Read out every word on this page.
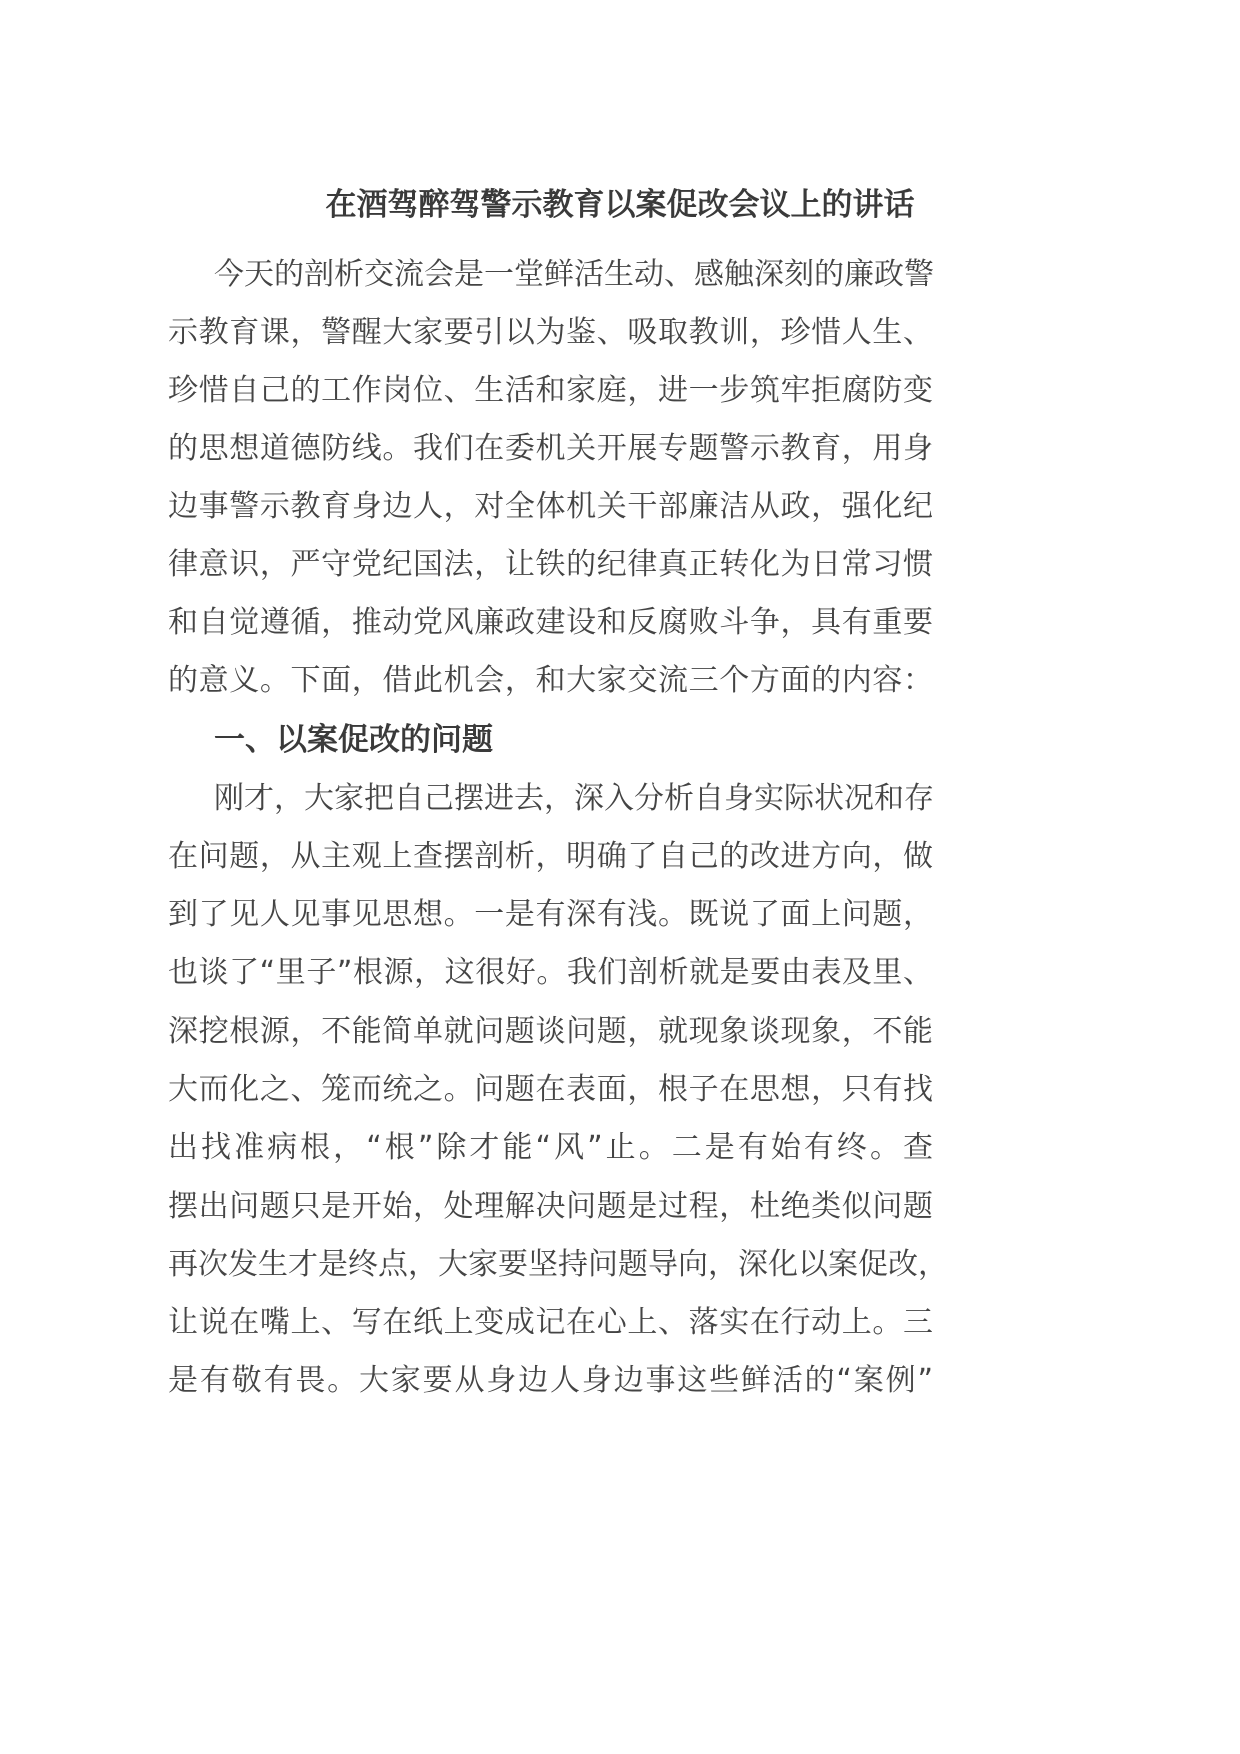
在酒驾醉驾警示教育以案促改会议上的讲话
今天的剖析交流会是一堂鲜活生动、感触深刻的廉政警
示教育课，警醒大家要引以为鉴、吸取教训，珍惜人生、
珍惜自己的工作岗位、生活和家庭，进一步筑牢拒腐防变
的思想道德防线。我们在委机关开展专题警示教育，用身
边事警示教育身边人，对全体机关干部廉洁从政，强化纪
律意识，严守党纪国法，让铁的纪律真正转化为日常习惯
和自觉遵循，推动党风廉政建设和反腐败斗争，具有重要
的意义。下面，借此机会，和大家交流三个方面的内容：
一、以案促改的问题
刚才，大家把自己摆进去，深入分析自身实际状况和存
在问题，从主观上查摆剖析，明确了自己的改进方向，做
到了见人见事见思想。一是有深有浅。既说了面上问题，
也谈了“里子”根源，这很好。我们剖析就是要由表及里、
深挖根源，不能简单就问题谈问题，就现象谈现象，不能
大而化之、笼而统之。问题在表面，根子在思想，只有找
出找准病根，“根”除才能“风”止。二是有始有终。查
摆出问题只是开始，处理解决问题是过程，杜绝类似问题
再次发生才是终点，大家要坚持问题导向，深化以案促改，
让说在嘴上、写在纸上变成记在心上、落实在行动上。三
是有敬有畏。大家要从身边人身边事这些鲜活的“案例”
